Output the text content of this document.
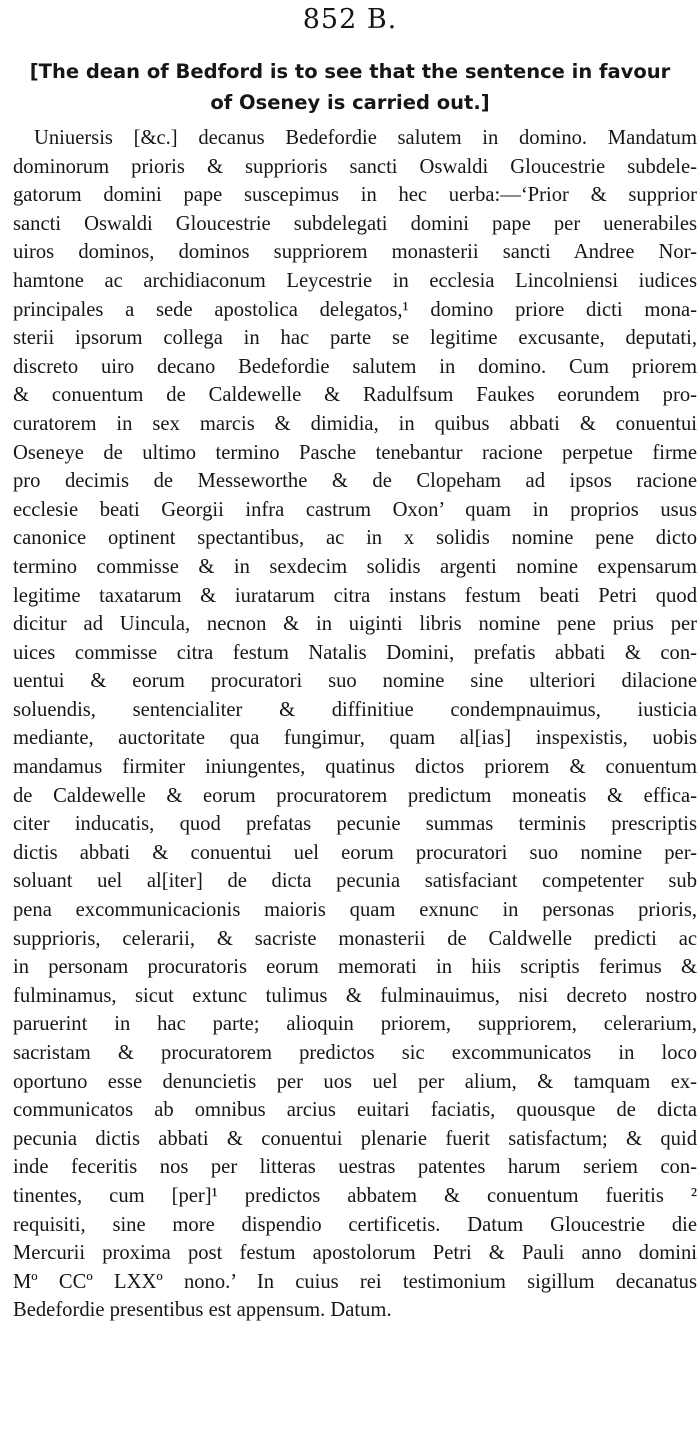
852 B.
[The dean of Bedford is to see that the sentence in favour
of Oseney is carried out.]
Uniuersis [&c.] decanus Bedefordie salutem in domino. Mandatum
dominorum prioris & supprioris sancti Oswaldi Gloucestrie subdele-
gatorum domini pape suscepimus in hec uerba:—‘Prior & supprior
sancti Oswaldi Gloucestrie subdelegati domini pape per uenerabiles
uiros dominos, dominos suppriorem monasterii sancti Andree Nor-
hamtone ac archidiaconum Leycestrie in ecclesia Lincolniensi iudices
principales a sede apostolica delegatos,¹ domino priore dicti mona-
sterii ipsorum collega in hac parte se legitime excusante, deputati,
discreto uiro decano Bedefordie salutem in domino. Cum priorem
& conuentum de Caldewelle & Radulfsum Faukes eorundem pro-
curatorem in sex marcis & dimidia, in quibus abbati & conuentui
Oseneye de ultimo termino Pasche tenebantur racione perpetue firme
pro decimis de Messeworthe & de Clopeham ad ipsos racione
ecclesie beati Georgii infra castrum Oxon’ quam in proprios usus
canonice optinent spectantibus, ac in x solidis nomine pene dicto
termino commisse & in sexdecim solidis argenti nomine expensarum
legitime taxatarum & iuratarum citra instans festum beati Petri quod
dicitur ad Uincula, necnon & in uiginti libris nomine pene prius per
uices commisse citra festum Natalis Domini, prefatis abbati & con-
uentui & eorum procuratori suo nomine sine ulteriori dilacione
soluendis, sentencialiter & diffinitiue condempnauimus, iusticia
mediante, auctoritate qua fungimur, quam al[ias] inspexistis, uobis
mandamus firmiter iniungentes, quatinus dictos priorem & conuentum
de Caldewelle & eorum procuratorem predictum moneatis & effica-
citer inducatis, quod prefatas pecunie summas terminis prescriptis
dictis abbati & conuentui uel eorum procuratori suo nomine per-
soluant uel al[iter] de dicta pecunia satisfaciant competenter sub
pena excommunicacionis maioris quam exnunc in personas prioris,
supprioris, celerarii, & sacriste monasterii de Caldwelle predicti ac
in personam procuratoris eorum memorati in hiis scriptis ferimus &
fulminamus, sicut extunc tulimus & fulminauimus, nisi decreto nostro
paruerint in hac parte; alioquin priorem, suppriorem, celerarium,
sacristam & procuratorem predictos sic excommunicatos in loco
oportuno esse denuncietis per uos uel per alium, & tamquam ex-
communicatos ab omnibus arcius euitari faciatis, quousque de dicta
pecunia dictis abbati & conuentui plenarie fuerit satisfactum; & quid
inde feceritis nos per litteras uestras patentes harum seriem con-
tinentes, cum [per]¹ predictos abbatem & conuentum fueritis ²
requisiti, sine more dispendio certificetis. Datum Gloucestrie die
Mercurii proxima post festum apostolorum Petri & Pauli anno domini
Mº CCº LXXº nono.’ In cuius rei testimonium sigillum decanatus
Bedefordie presentibus est appensum. Datum.
